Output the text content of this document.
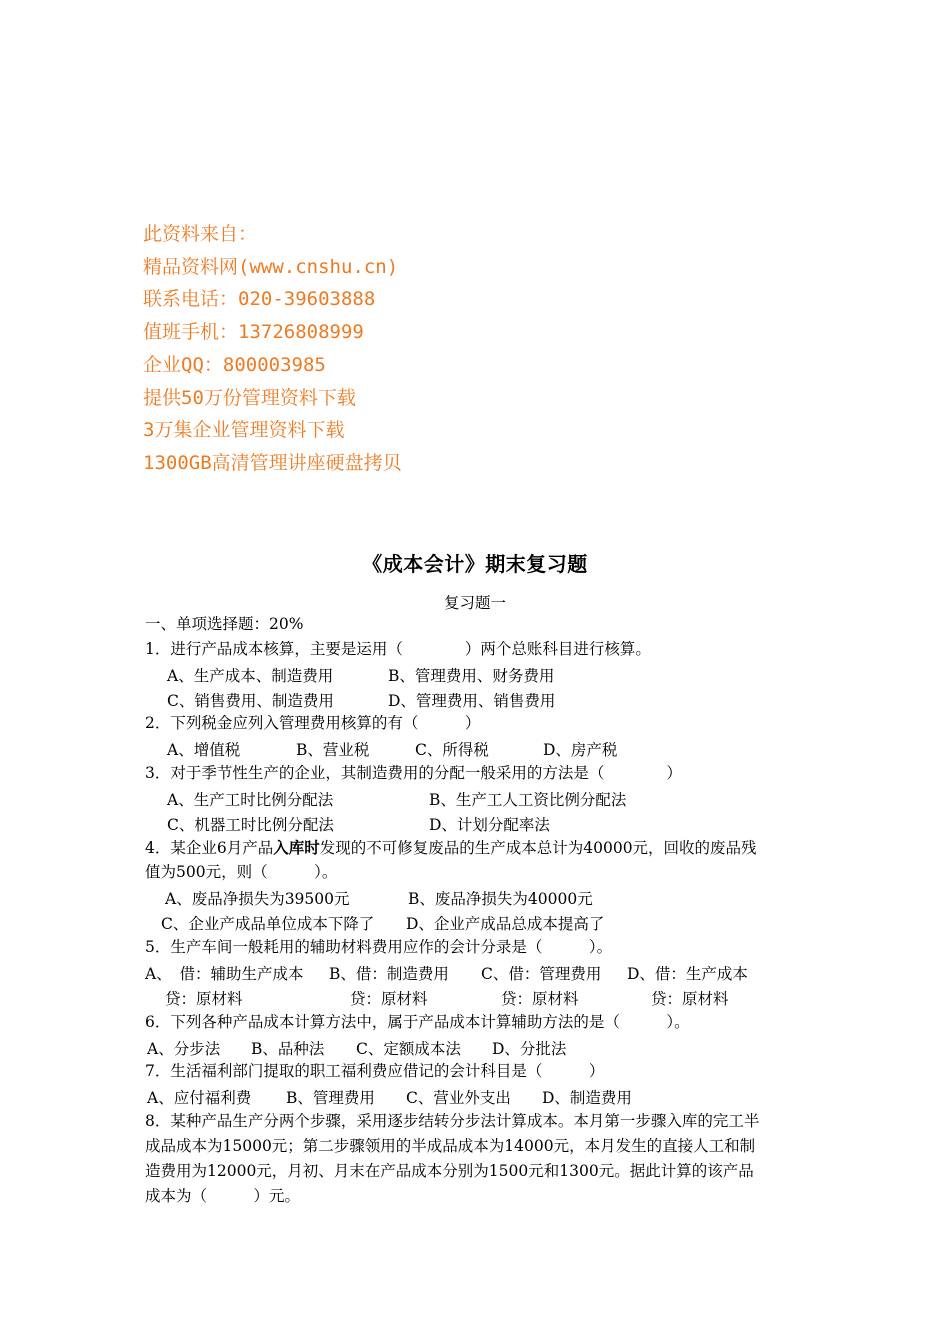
此资料来自：
精品资料网(www.cnshu.cn)
联系电话：020-39603888
值班手机：13726808999
企业QQ：800003985
提供50万份管理资料下载
3万集企业管理资料下载
1300GB高清管理讲座硬盘拷贝
《成本会计》期末复习题
复习题一
一、单项选择题：20%
1．进行产品成本核算，主要是运用（　　　　）两个总账科目进行核算。
A、生产成本、制造费用	B、管理费用、财务费用
C、销售费用、制造费用	D、管理费用、销售费用
2．下列税金应列入管理费用核算的有（　　　）
A、增值税	B、营业税	C、所得税	D、房产税
3．对于季节性生产的企业，其制造费用的分配一般采用的方法是（　　　　）
A、生产工时比例分配法	B、生产工人工资比例分配法
C、机器工时比例分配法	D、计划分配率法
4．某企业6月产品入库时发现的不可修复废品的生产成本总计为40000元，回收的废品残
值为500元，则（　　　）。
A、废品净损失为39500元	B、废品净损失为40000元
C、企业产成品单位成本下降了 D、企业产成品总成本提高了
5．生产车间一般耗用的辅助材料费用应作的会计分录是（　　　）。
A、　借：辅助生产成本 B、借：制造费用 C、借：管理费用 D、借：生产成本
贷：原材料	贷：原材料	贷：原材料	贷：原材料
6．下列各种产品成本计算方法中，属于产品成本计算辅助方法的是（　　　）。
A、分步法 B、品种法 C、定额成本法 D、分批法
7．生活福利部门提取的职工福利费应借记的会计科目是（　　　）
A、应付福利费 B、管理费用 C、营业外支出 D、制造费用
8．某种产品生产分两个步骤，采用逐步结转分步法计算成本。本月第一步骤入库的完工半
成品成本为15000元；第二步骤领用的半成品成本为14000元，本月发生的直接人工和制
造费用为12000元，月初、月末在产品成本分别为1500元和1300元。据此计算的该产品
成本为（　　　）元。
